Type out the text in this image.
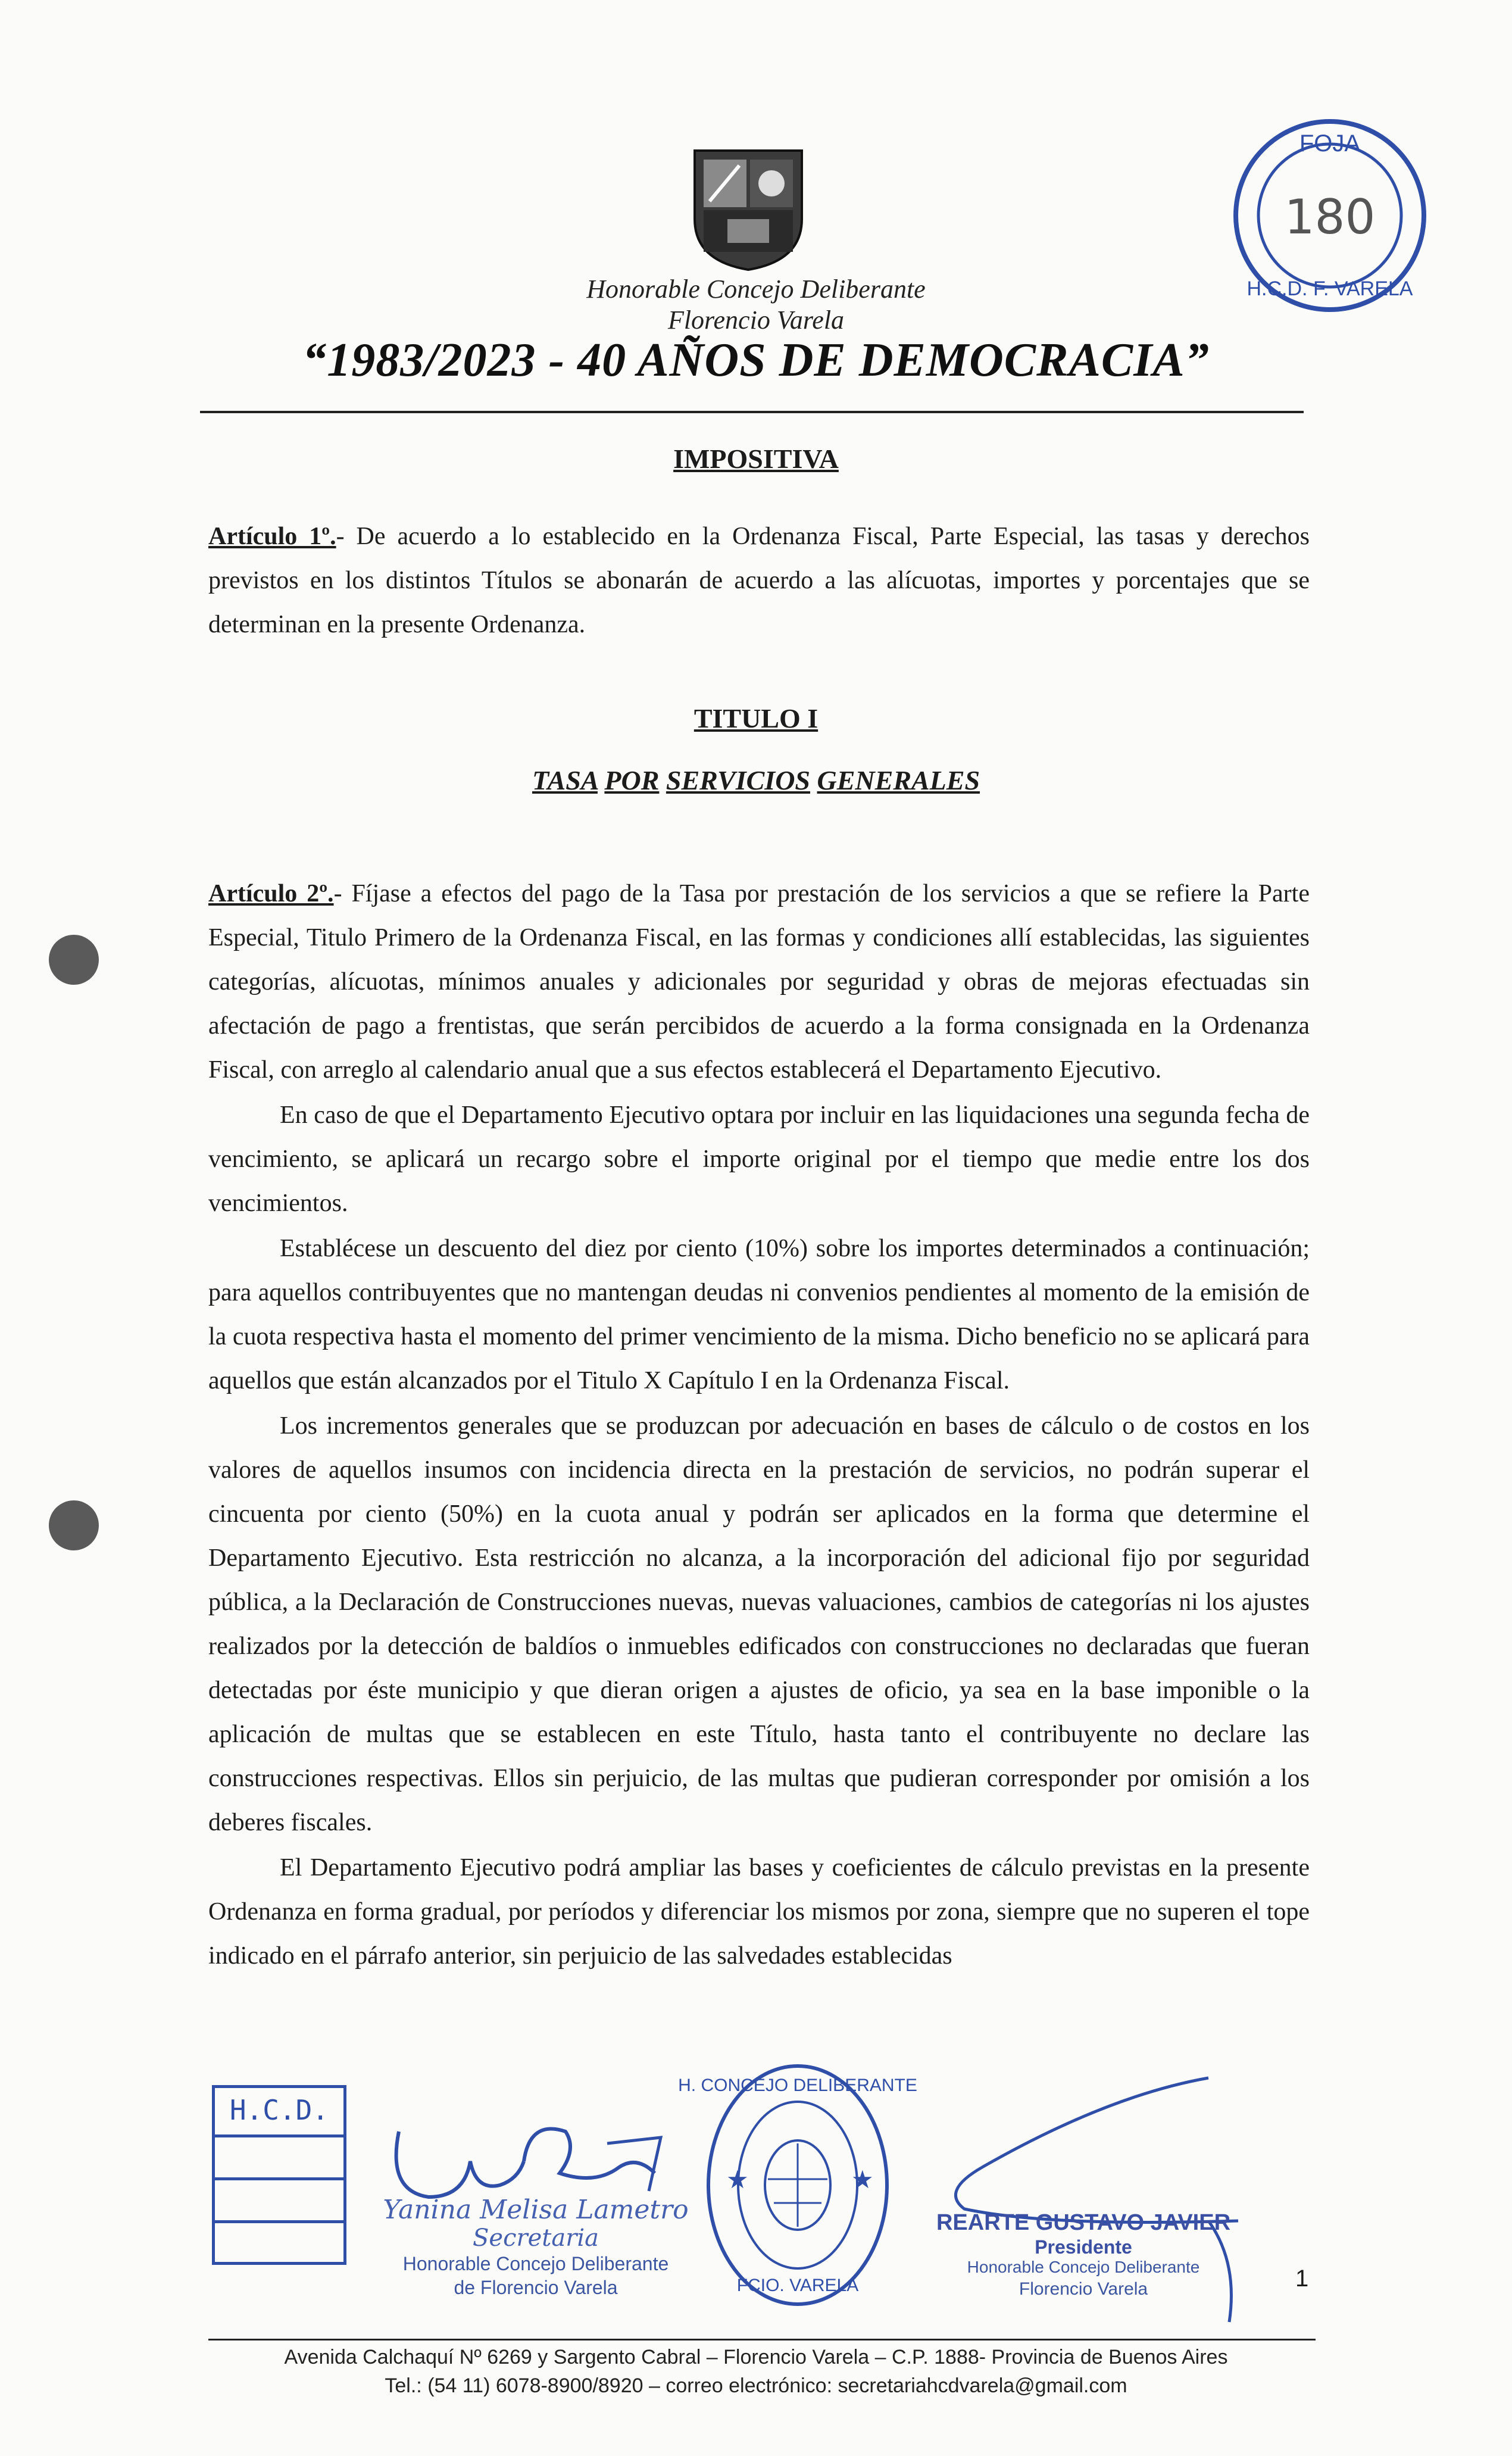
Honorable Concejo Deliberante
Florencio Varela
“1983/2023 - 40 AÑOS DE DEMOCRACIA”
FOJA
180
H.C.D. F. VARELA
IMPOSITIVA

Artículo 1º.- De acuerdo a lo establecido en la Ordenanza Fiscal, Parte Especial, las tasas y derechos previstos en los distintos Títulos se abonarán de acuerdo a las alícuotas, importes y porcentajes que se determinan en la presente Ordenanza.

TITULO I
TASA POR SERVICIOS GENERALES

Artículo 2º.- Fíjase a efectos del pago de la Tasa por prestación de los servicios a que se refiere la Parte Especial, Titulo Primero de la Ordenanza Fiscal, en las formas y condiciones allí establecidas, las siguientes categorías, alícuotas, mínimos anuales y adicionales por seguridad y obras de mejoras efectuadas sin afectación de pago a frentistas, que serán percibidos de acuerdo a la forma consignada en la Ordenanza Fiscal, con arreglo al calendario anual que a sus efectos establecerá el Departamento Ejecutivo.

En caso de que el Departamento Ejecutivo optara por incluir en las liquidaciones una segunda fecha de vencimiento, se aplicará un recargo sobre el importe original por el tiempo que medie entre los dos vencimientos.

Establécese un descuento del diez por ciento (10%) sobre los importes determinados a continuación; para aquellos contribuyentes que no mantengan deudas ni convenios pendientes al momento de la emisión de la cuota respectiva hasta el momento del primer vencimiento de la misma. Dicho beneficio no se aplicará para aquellos que están alcanzados por el Titulo X Capítulo I en la Ordenanza Fiscal.

Los incrementos generales que se produzcan por adecuación en bases de cálculo o de costos en los valores de aquellos insumos con incidencia directa en la prestación de servicios, no podrán superar el cincuenta por ciento (50%) en la cuota anual y podrán ser aplicados en la forma que determine el Departamento Ejecutivo. Esta restricción no alcanza, a la incorporación del adicional fijo por seguridad pública, a la Declaración de Construcciones nuevas, nuevas valuaciones, cambios de categorías ni los ajustes realizados por la detección de baldíos o inmuebles edificados con construcciones no declaradas que fueran detectadas por éste municipio y que dieran origen a ajustes de oficio, ya sea en la base imponible o la aplicación de multas que se establecen en este Título, hasta tanto el contribuyente no declare las construcciones respectivas. Ellos sin perjuicio, de las multas que pudieran corresponder por omisión a los deberes fiscales.

El Departamento Ejecutivo podrá ampliar las bases y coeficientes de cálculo previstas en la presente Ordenanza en forma gradual, por períodos y diferenciar los mismos por zona, siempre que no superen el tope indicado en el párrafo anterior, sin perjuicio de las salvedades establecidas

H.C.D.
Yanina Melisa Lametro
Secretaria
Honorable Concejo Deliberante
de Florencio Varela
★	★
H. CONCEJO DELIBERANTE
FCIO. VARELA
REARTE GUSTAVO JAVIER
Presidente
Honorable Concejo Deliberante
Florencio Varela	1
Avenida Calchaquí Nº 6269 y Sargento Cabral – Florencio Varela – C.P. 1888- Provincia de Buenos Aires
Tel.: (54 11) 6078-8900/8920 – correo electrónico: secretariahcdvarela@gmail.com
